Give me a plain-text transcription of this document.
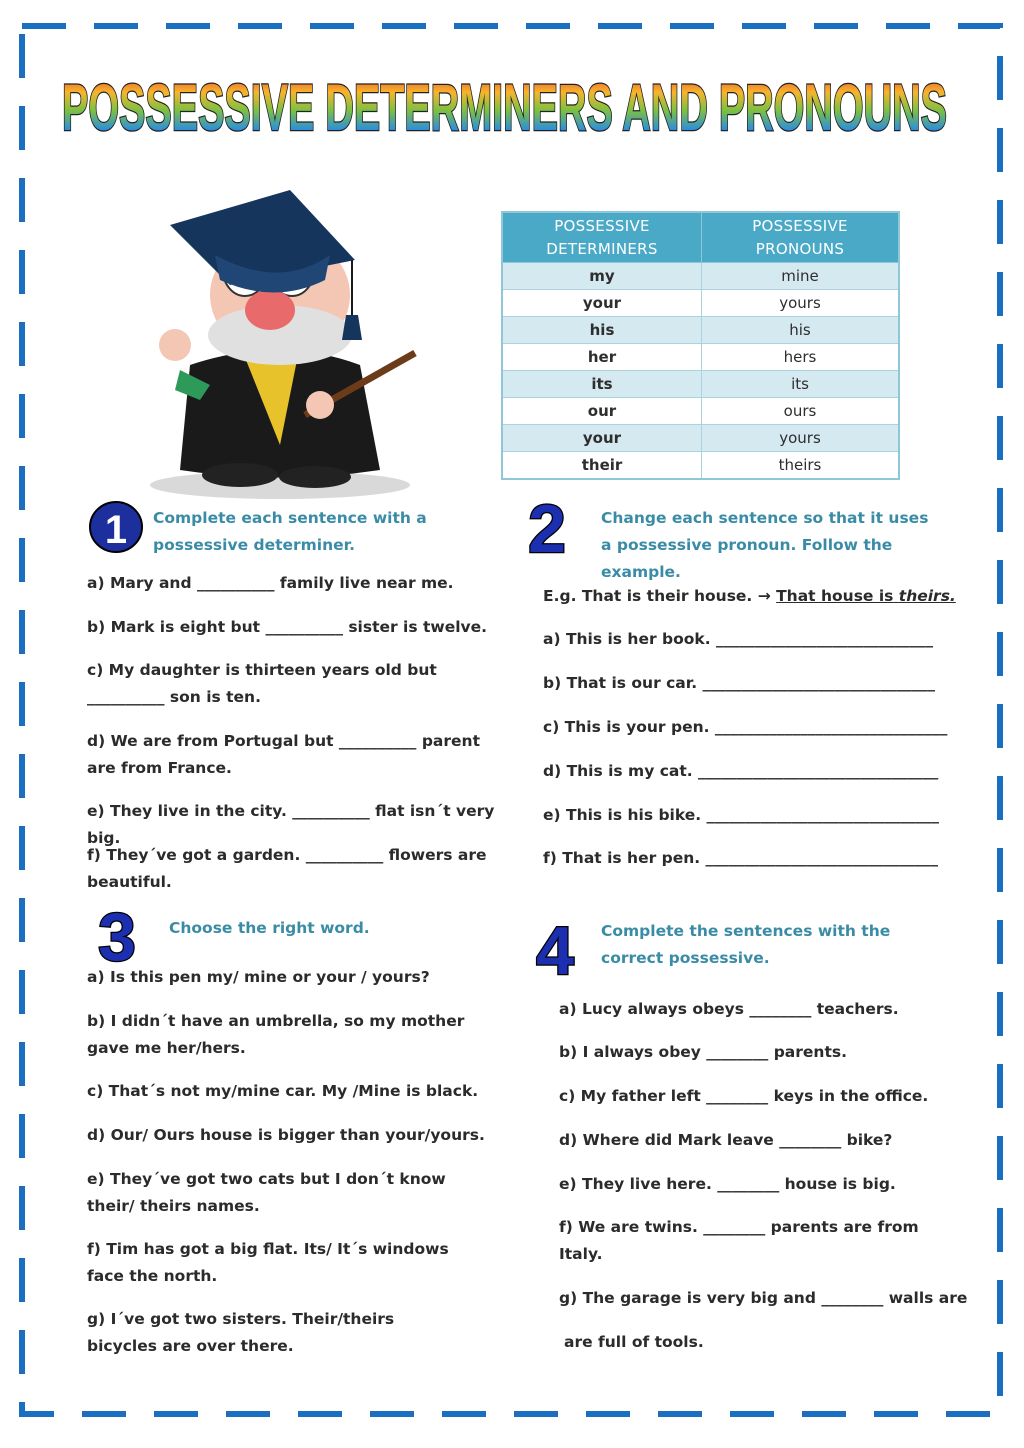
POSSESSIVE DETERMINERS AND PRONOUNS
POSSESSIVE DETERMINERS	POSSESSIVE PRONOUNS
my	mine
your	yours
his	his
her	hers
its	its
our	ours
your	yours
their	theirs
1	2
3	4
Complete each sentence with a possessive determiner.
Change each sentence so that it uses a possessive pronoun. Follow the example.
Choose the right word.	Complete the sentences with the correct possessive.

a) Mary and __________ family live near me.

b) Mark is eight but __________ sister is twelve.

c) My daughter is thirteen years old but __________ son is ten.

d) We are from Portugal but __________ parent are from France.

e) They live in the city. __________ flat isn´t very big.

f) They´ve got a garden. __________ flowers are beautiful.

E.g. That is their house. → That house is theirs.

a) This is her book. ____________________________

b) That is our car. ______________________________

c) This is your pen. ______________________________

d) This is my cat. _______________________________

e) This is his bike. ______________________________

f) That is her pen. ______________________________

a) Is this pen my/ mine or your / yours?

b) I didn´t have an umbrella, so my mother gave me her/hers.

c) That´s not my/mine car. My /Mine is black.

d) Our/ Ours house is bigger than your/yours.

e) They´ve got two cats but I don´t know their/ theirs names.

f) Tim has got a big flat. Its/ It´s windows face the north.

g) I´ve got two sisters. Their/theirs bicycles are over there.

a) Lucy always obeys ________ teachers.

b) I always obey ________ parents.

c) My father left ________ keys in the office.

d) Where did Mark leave ________ bike?

e) They live here. ________ house is big.

f) We are twins. ________ parents are from Italy.

g) The garage is very big and ________ walls are

are full of tools.
